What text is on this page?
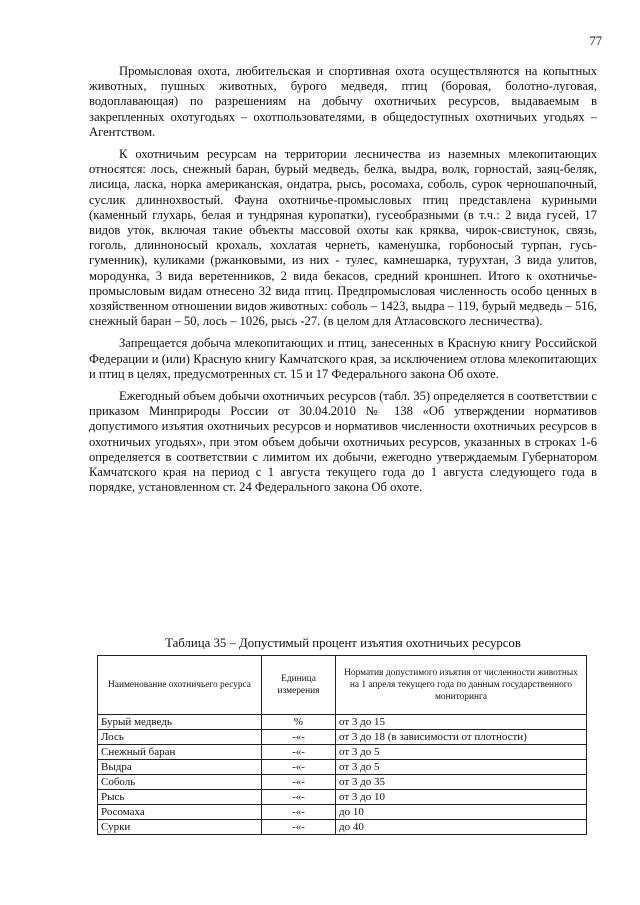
77

Промысловая охота, любительская и спортивная охота осуществляются на копытных животных, пушных животных, бурого медведя, птиц (боровая, болотно-луговая, водоплавающая) по разрешениям на добычу охотничьих ресурсов, выдаваемым в закрепленных охотугодьях – охотпользователями, в общедоступных охотничьих угодьях – Агентством.

К охотничьим ресурсам на территории лесничества из наземных млекопитающих относятся: лось, снежный баран, бурый медведь, белка, выдра, волк, горностай, заяц-беляк, лисица, ласка, норка американская, ондатра, рысь, росомаха, соболь, сурок черношапочный, суслик длиннохвостый. Фауна охотничье-промысловых птиц представлена куриными (каменный глухарь, белая и тундряная куропатки), гусеобразными (в т.ч.: 2 вида гусей, 17 видов уток, включая такие объекты массовой охоты как кряква, чирок-свистунок, связь, гоголь, длинноносый крохаль, хохлатая чернеть, каменушка, горбоносый турпан, гусь-гуменник), куликами (ржанковыми, из них - тулес, камнешарка, турухтан, 3 вида улитов, мородунка, 3 вида веретенников, 2 вида бекасов, средний кроншнеп. Итого к охотничье-промысловым видам отнесено 32 вида птиц. Предпромысловая численность особо ценных в хозяйственном отношении видов животных: соболь – 1423, выдра – 119, бурый медведь – 516, снежный баран – 50, лось – 1026, рысь -27. (в целом для Атласовского лесничества).

Запрещается добыча млекопитающих и птиц, занесенных в Красную книгу Российской Федерации и (или) Красную книгу Камчатского края, за исключением отлова млекопитающих и птиц в целях, предусмотренных ст. 15 и 17 Федерального закона Об охоте.

Ежегодный объем добычи охотничьих ресурсов (табл. 35) определяется в соответствии с приказом Минприроды России от 30.04.2010 № 138 «Об утверждении нормативов допустимого изъятия охотничьих ресурсов и нормативов численности охотничьих ресурсов в охотничьих угодьях», при этом объем добычи охотничьих ресурсов, указанных в строках 1-6 определяется в соответствии с лимитом их добычи, ежегодно утверждаемым Губернатором Камчатского края на период с 1 августа текущего года до 1 августа следующего года в порядке, установленном ст. 24 Федерального закона Об охоте.

Таблица 35 – Допустимый процент изъятия охотничьих ресурсов
Наименование охотничьего ресурса	Единица измерения	Норматив допустимого изъятия от численности животных на 1 апреля текущего года по данным государственного мониторинга
Бурый медведь	%	от 3 до 15
Лось	-«-	от 3 до 18 (в зависимости от плотности)
Снежный баран	-«-	от 3 до 5
Выдра	-«-	от 3 до 5
Соболь	-«-	от 3 до 35
Рысь	-«-	от 3 до 10
Росомаха	-«-	до 10
Сурки	-«-	до 40
